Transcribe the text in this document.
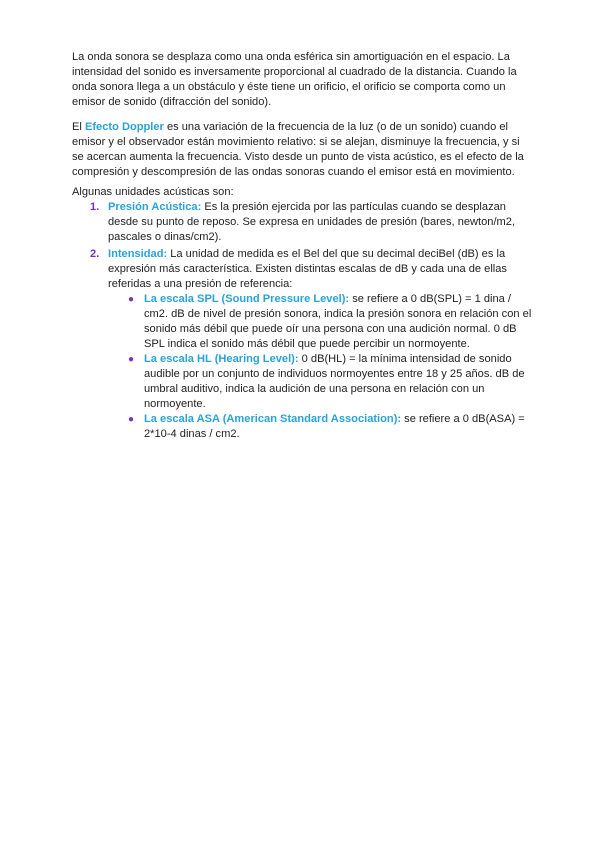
La onda sonora se desplaza como una onda esférica sin amortiguación en el espacio. La intensidad del sonido es inversamente proporcional al cuadrado de la distancia. Cuando la onda sonora llega a un obstáculo y éste tiene un orificio, el orificio se comporta como un emisor de sonido (difracción del sonido).

El Efecto Doppler es una variación de la frecuencia de la luz (o de un sonido) cuando el emisor y el observador están movimiento relativo: si se alejan, disminuye la frecuencia, y si se acercan aumenta la frecuencia. Visto desde un punto de vista acústico, es el efecto de la compresión y descompresión de las ondas sonoras cuando el emisor está en movimiento.

Algunas unidades acústicas son:

1. Presión Acústica: Es la presión ejercida por las partículas cuando se desplazan desde su punto de reposo. Se expresa en unidades de presión (bares, newton/m2, pascales o dinas/cm2).
2. Intensidad: La unidad de medida es el Bel del que su decimal deciBel (dB) es la expresión más característica. Existen distintas escalas de dB y cada una de ellas referidas a una presión de referencia:
● La escala SPL (Sound Pressure Level): se refiere a 0 dB(SPL) = 1 dina / cm2. dB de nivel de presión sonora, indica la presión sonora en relación con el sonido más débil que puede oír una persona con una audición normal. 0 dB SPL indica el sonido más débil que puede percibir un normoyente.
● La escala HL (Hearing Level): 0 dB(HL) = la mínima intensidad de sonido audible por un conjunto de individuos normoyentes entre 18 y 25 años. dB de umbral auditivo, indica la audición de una persona en relación con un normoyente.
● La escala ASA (American Standard Association): se refiere a 0 dB(ASA) = 2*10-4 dinas / cm2.
